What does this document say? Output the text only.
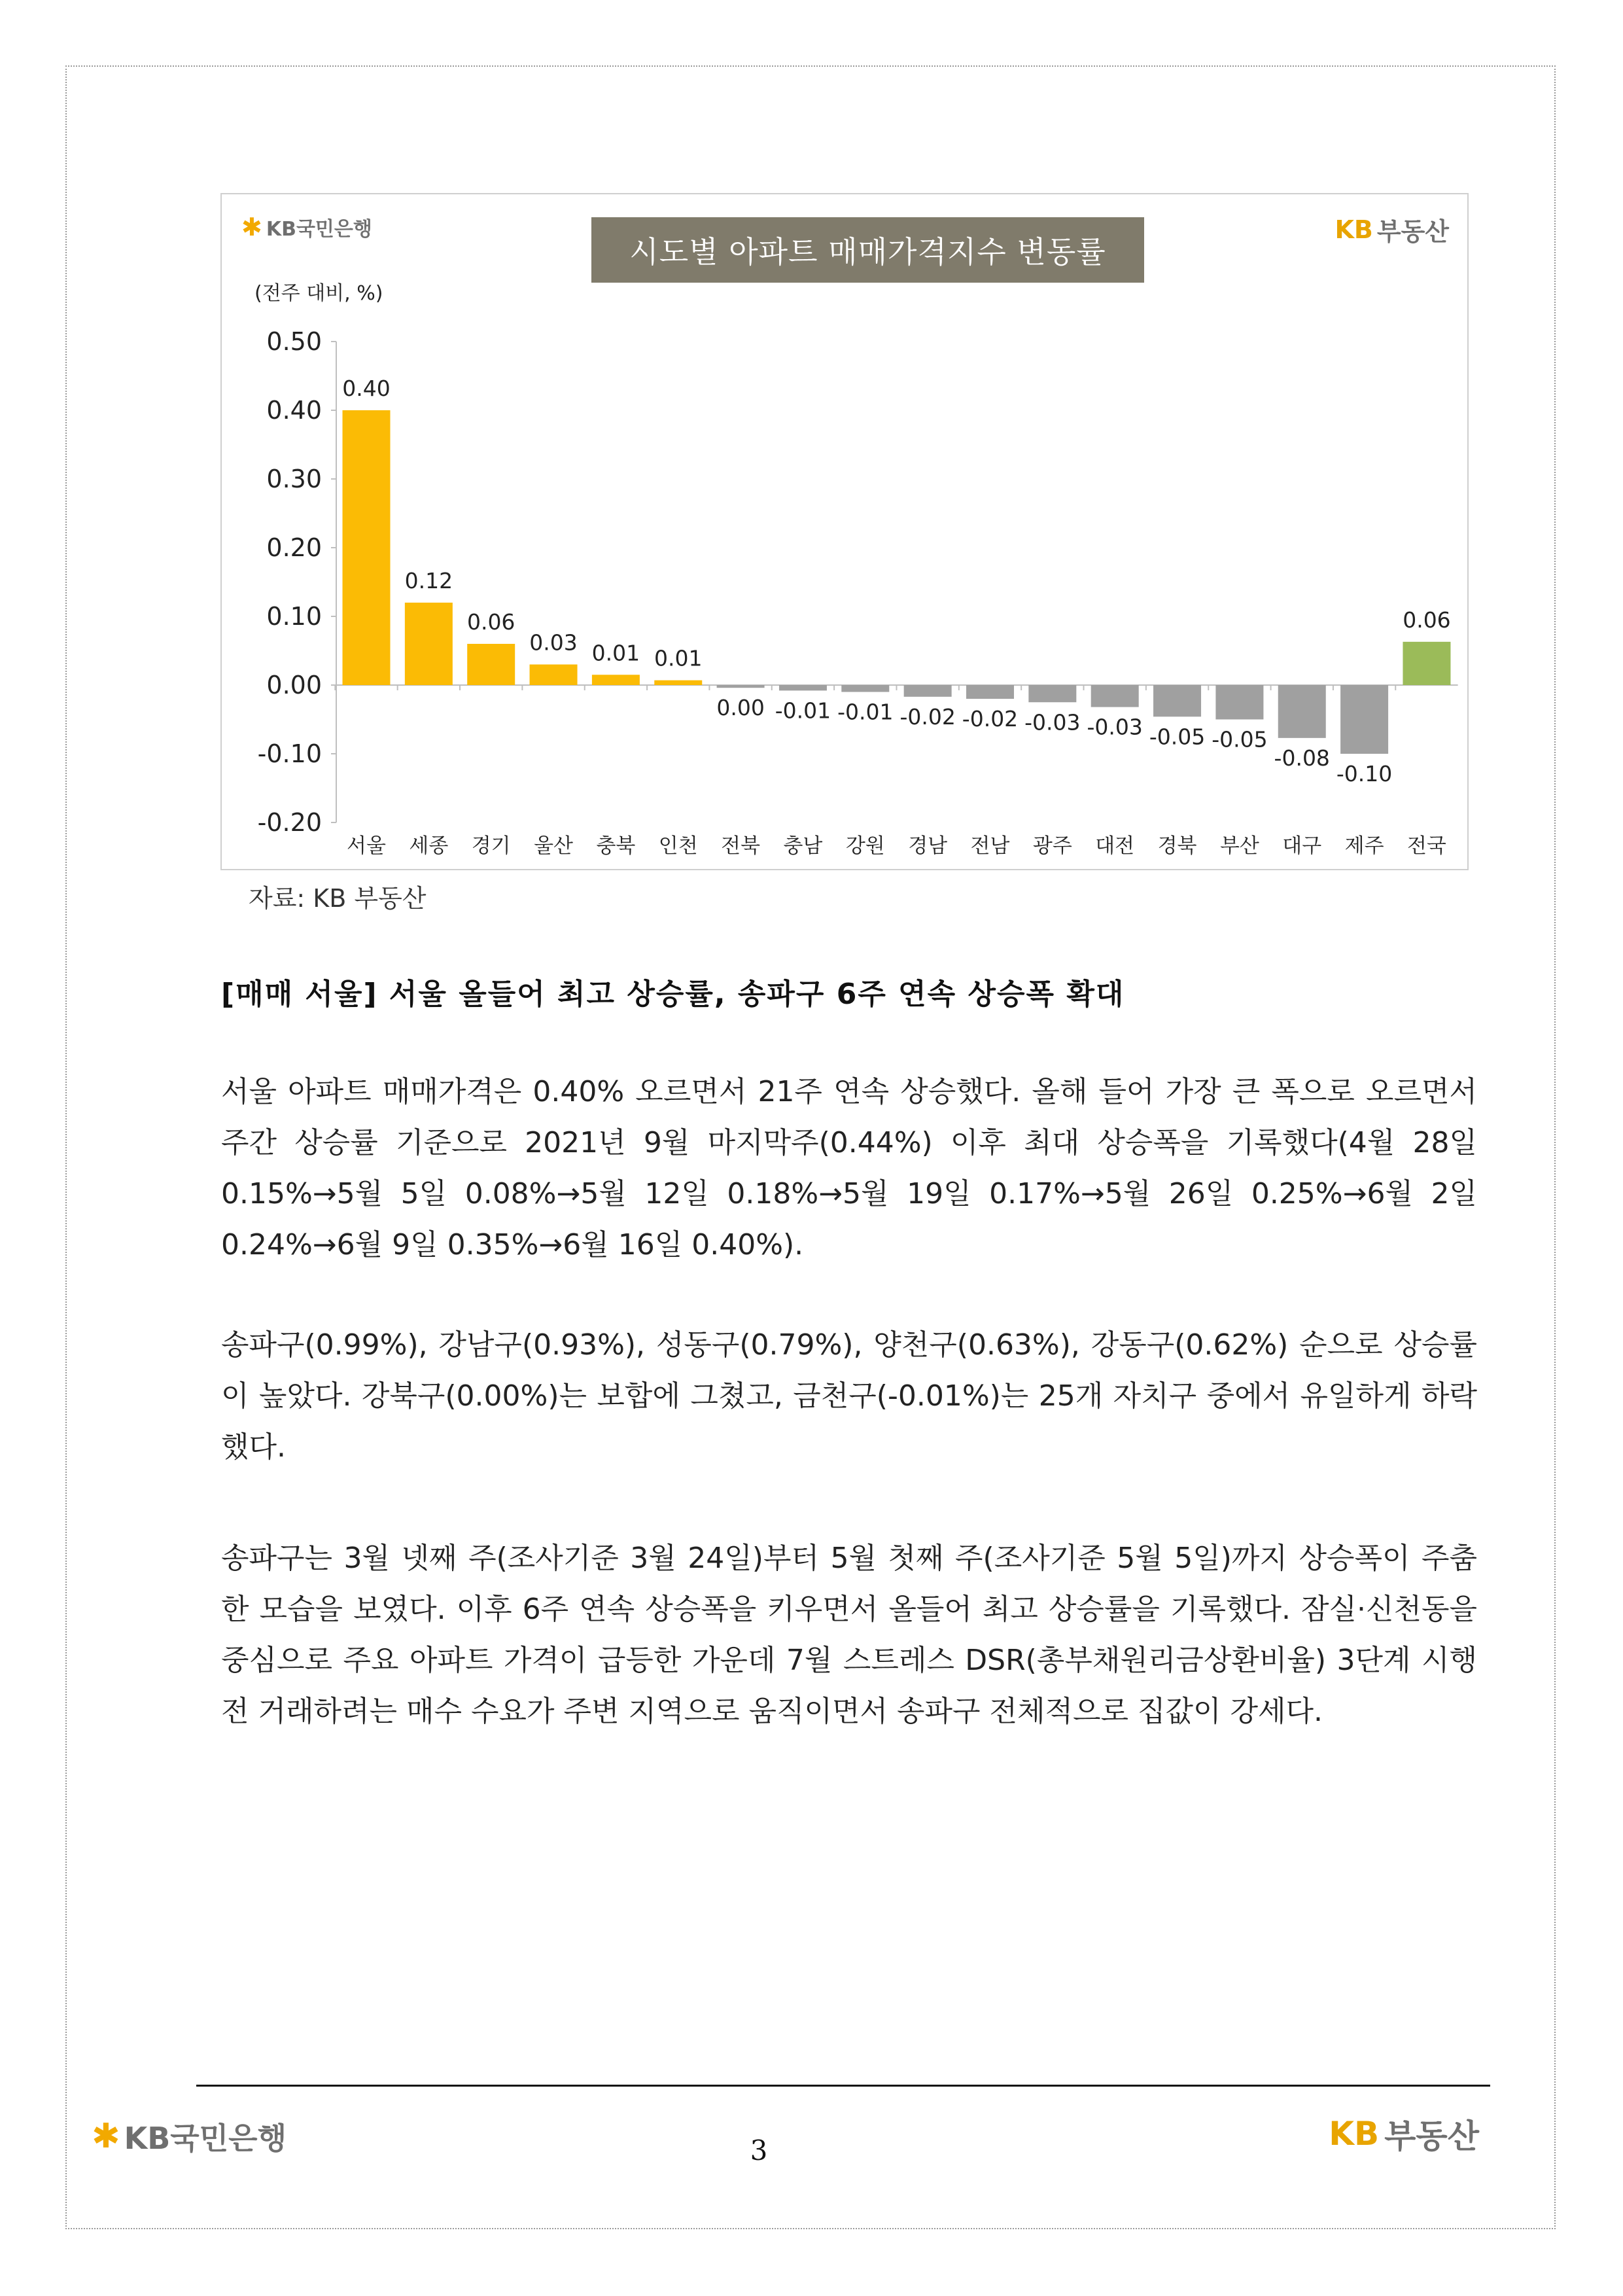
✱ KB국민은행
시도별 아파트 매매가격지수 변동률
KB 부동산
(전주 대비, %)
0.50
0.40
0.30
0.20
0.10
0.00
-0.10
-0.20
0.40
서울
0.12
세종
0.06
경기
0.03
울산
0.01
충북
0.01
인천
0.00
전북
-0.01
충남
-0.01
강원
-0.02
경남
-0.02
전남
-0.03
광주
-0.03
대전
-0.05
경북
-0.05
부산
-0.08
대구
-0.10
제주
0.06
전국
자료: KB 부동산
[매매 서울] 서울 올들어 최고 상승률, 송파구 6주 연속 상승폭 확대

서울 아파트 매매가격은 0.40% 오르면서 21주 연속 상승했다. 올해 들어 가장 큰 폭으로 오르면서 주간 상승률 기준으로 2021년 9월 마지막주(0.44%) 이후 최대 상승폭을 기록했다(4월 28일 0.15%→5월 5일 0.08%→5월 12일 0.18%→5월 19일 0.17%→5월 26일 0.25%→6월 2일 0.24%→6월 9일 0.35%→6월 16일 0.40%).

송파구(0.99%), 강남구(0.93%), 성동구(0.79%), 양천구(0.63%), 강동구(0.62%) 순으로 상승률이 높았다. 강북구(0.00%)는 보합에 그쳤고, 금천구(-0.01%)는 25개 자치구 중에서 유일하게 하락했다.

송파구는 3월 넷째 주(조사기준 3월 24일)부터 5월 첫째 주(조사기준 5월 5일)까지 상승폭이 주춤한 모습을 보였다. 이후 6주 연속 상승폭을 키우면서 올들어 최고 상승률을 기록했다. 잠실·신천동을 중심으로 주요 아파트 가격이 급등한 가운데 7월 스트레스 DSR(총부채원리금상환비율) 3단계 시행 전 거래하려는 매수 수요가 주변 지역으로 움직이면서 송파구 전체적으로 집값이 강세다.

✱ KB국민은행	3	KB 부동산
